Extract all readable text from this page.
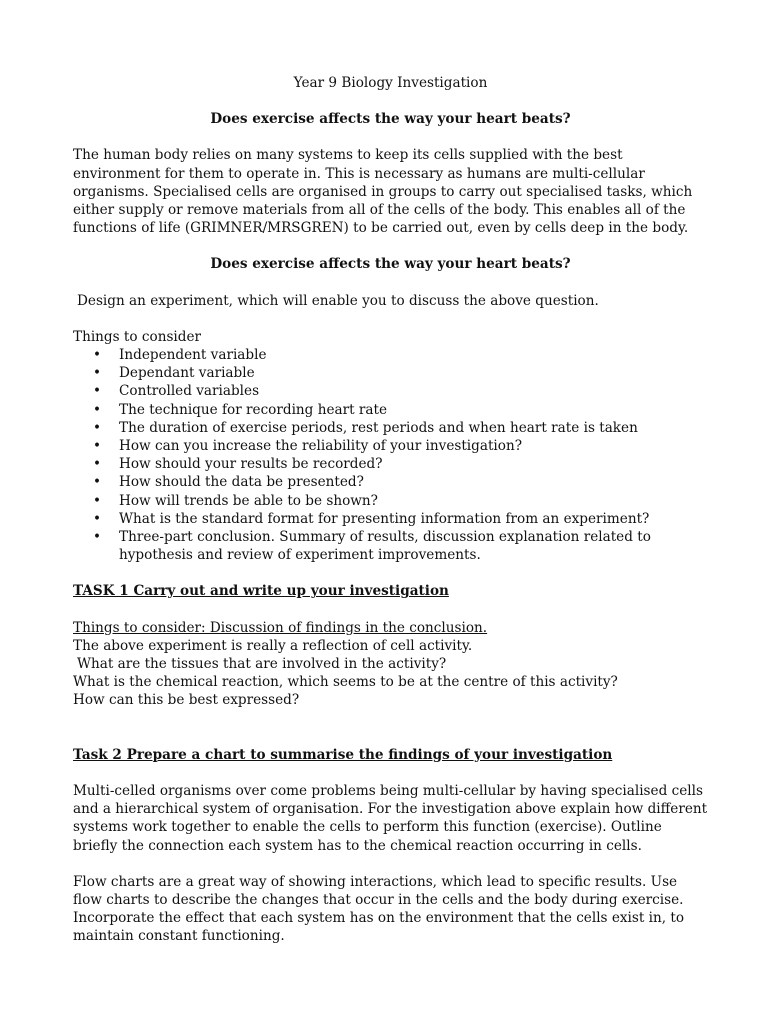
Year 9 Biology Investigation

Does exercise affects the way your heart beats?

The human body relies on many systems to keep its cells supplied with the best environment for them to operate in. This is necessary as humans are multi-cellular organisms. Specialised cells are organised in groups to carry out specialised tasks, which either supply or remove materials from all of the cells of the body. This enables all of the functions of life (GRIMNER/MRSGREN) to be carried out, even by cells deep in the body.

Does exercise affects the way your heart beats?

Design an experiment, which will enable you to discuss the above question.

Things to consider

• Independent variable
• Dependant variable
• Controlled variables
• The technique for recording heart rate
• The duration of exercise periods, rest periods and when heart rate is taken
• How can you increase the reliability of your investigation?
• How should your results be recorded?
• How should the data be presented?
• How will trends be able to be shown?
• What is the standard format for presenting information from an experiment?
• Three-part conclusion. Summary of results, discussion explanation related to hypothesis and review of experiment improvements.

TASK 1 Carry out and write up your investigation

Things to consider: Discussion of findings in the conclusion.

The above experiment is really a reflection of cell activity.

What are the tissues that are involved in the activity?

What is the chemical reaction, which seems to be at the centre of this activity?

How can this be best expressed?

Task 2 Prepare a chart to summarise the findings of your investigation

Multi-celled organisms over come problems being multi-cellular by having specialised cells and a hierarchical system of organisation. For the investigation above explain how different systems work together to enable the cells to perform this function (exercise). Outline briefly the connection each system has to the chemical reaction occurring in cells.

Flow charts are a great way of showing interactions, which lead to specific results. Use flow charts to describe the changes that occur in the cells and the body during exercise. Incorporate the effect that each system has on the environment that the cells exist in, to maintain constant functioning.
